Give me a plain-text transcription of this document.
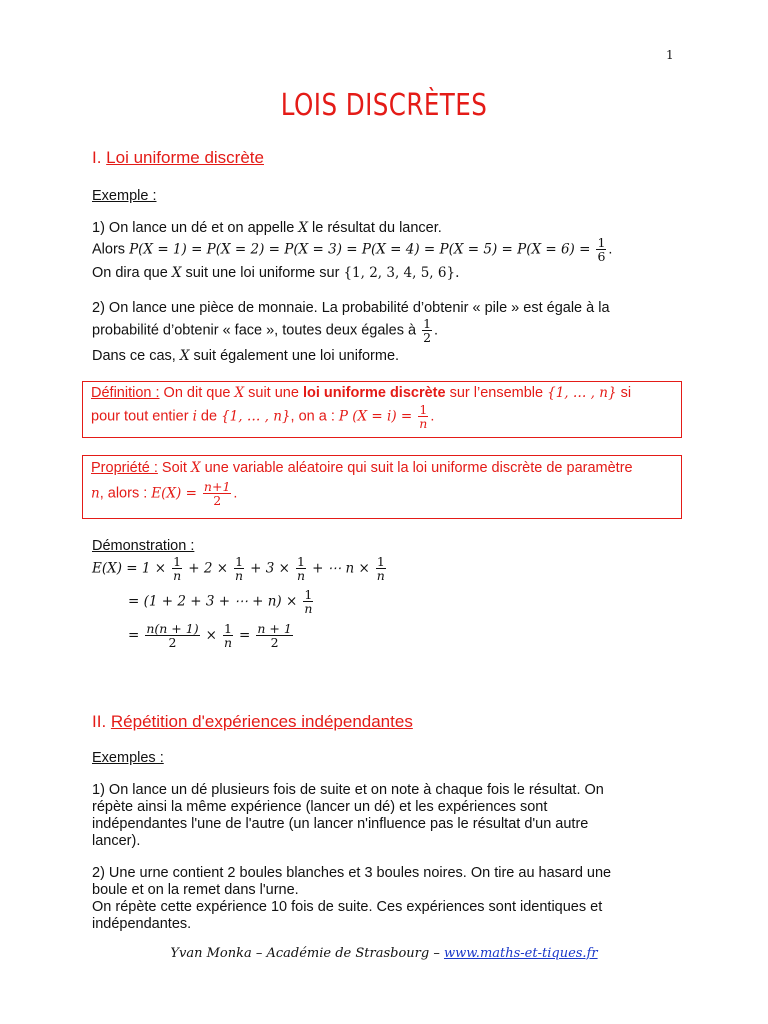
1
LOIS DISCRÈTES
I. Loi uniforme discrète
Exemple :
1) On lance un dé et on appelle X le résultat du lancer.
Alors $P(X = 1) = P(X = 2) = P(X = 3) = P(X = 4) = P(X = 5) = P(X = 6) = \frac{1}{6}$ .
On dira que X suit une loi uniforme sur {1, 2, 3, 4, 5, 6}.
2) On lance une pièce de monnaie. La probabilité d’obtenir « pile » est égale à la
probabilité d’obtenir « face », toutes deux égales à $\frac{1}{2}$ .
Dans ce cas, X suit également une loi uniforme.
Définition : On dit que X suit une loi uniforme discrète sur l’ensemble {1, … , n} si
pour tout entier i de {1, … , n}, on a : P $(X = i) = \frac{1}{n}$ .
Propriété : Soit X une variable aléatoire qui suit la loi uniforme discrète de paramètre
n, alors : $E(X) = \frac{n+1}{2}$ .
Démonstration :
$E(X) = 1 \times \frac{1}{n} + 2 \times \frac{1}{n} + 3 \times \frac{1}{n}$ + ⋯ $n \times \frac{1}{n}$
= (1 + 2 + 3 + ⋯ + $n) \times \frac{1}{n}$
= $\frac{n(n + 1)}{2} \times \frac{1}{n} = \frac{n + 1}{2}$
II. Répétition d'expériences indépendantes
Exemples :
1) On lance un dé plusieurs fois de suite et on note à chaque fois le résultat. On
répète ainsi la même expérience (lancer un dé) et les expériences sont
indépendantes l'une de l'autre (un lancer n'influence pas le résultat d'un autre
lancer).
2) Une urne contient 2 boules blanches et 3 boules noires. On tire au hasard une
boule et on la remet dans l'urne.
On répète cette expérience 10 fois de suite. Ces expériences sont identiques et
indépendantes.
Yvan Monka – Académie de Strasbourg – www.maths-et-tiques.fr
